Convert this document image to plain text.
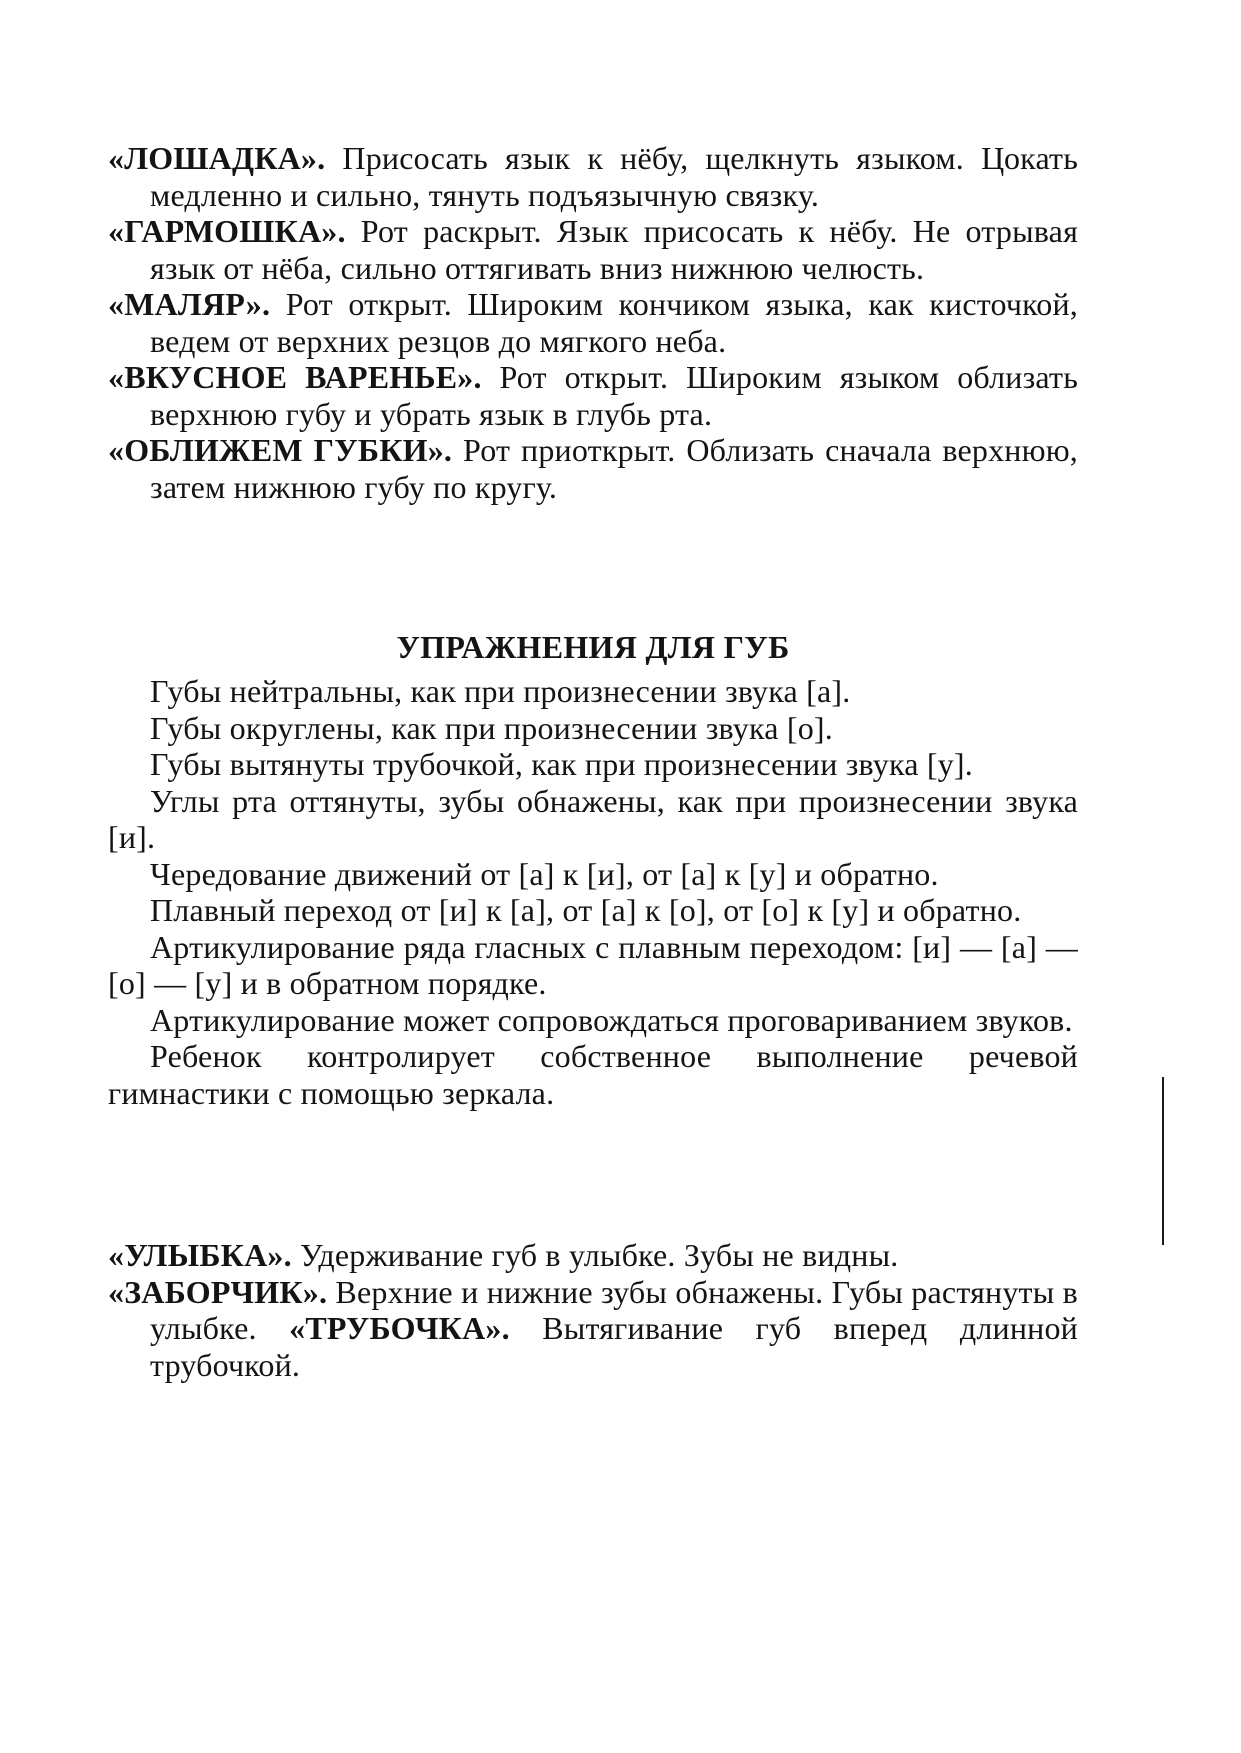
«ЛОШАДКА». Присосать язык к нёбу, щелкнуть языком. Цокать медленно и сильно, тянуть подъязычную связку.

«ГАРМОШКА». Рот раскрыт. Язык присосать к нёбу. Не отрывая язык от нёба, сильно оттягивать вниз нижнюю челюсть.

«МАЛЯР». Рот открыт. Широким кончиком языка, как кисточкой, ведем от верхних резцов до мягкого неба.

«ВКУСНОЕ ВАРЕНЬЕ». Рот открыт. Широким языком облизать верхнюю губу и убрать язык в глубь рта.

«ОБЛИЖЕМ ГУБКИ». Рот приоткрыт. Облизать сначала верхнюю, затем нижнюю губу по кругу.

УПРАЖНЕНИЯ ДЛЯ ГУБ

Губы нейтральны, как при произнесении звука [а].

Губы округлены, как при произнесении звука [о].

Губы вытянуты трубочкой, как при произнесении звука [у].

Углы рта оттянуты, зубы обнажены, как при произнесении звука [и].

Чередование движений от [а] к [и], от [а] к [у] и обратно.

Плавный переход от [и] к [а], от [а] к [о], от [о] к [у] и обратно.

Артикулирование ряда гласных с плавным переходом: [и] — [а] — [о] — [у] и в обратном порядке.

Артикулирование может сопровождаться проговариванием звуков.

Ребенок контролирует собственное выполнение речевой гимнастики с помощью зеркала.

«УЛЫБКА». Удерживание губ в улыбке. Зубы не видны.

«ЗАБОРЧИК». Верхние и нижние зубы обнажены. Губы растянуты в улыбке. «ТРУБОЧКА». Вытягивание губ вперед длинной трубочкой.
